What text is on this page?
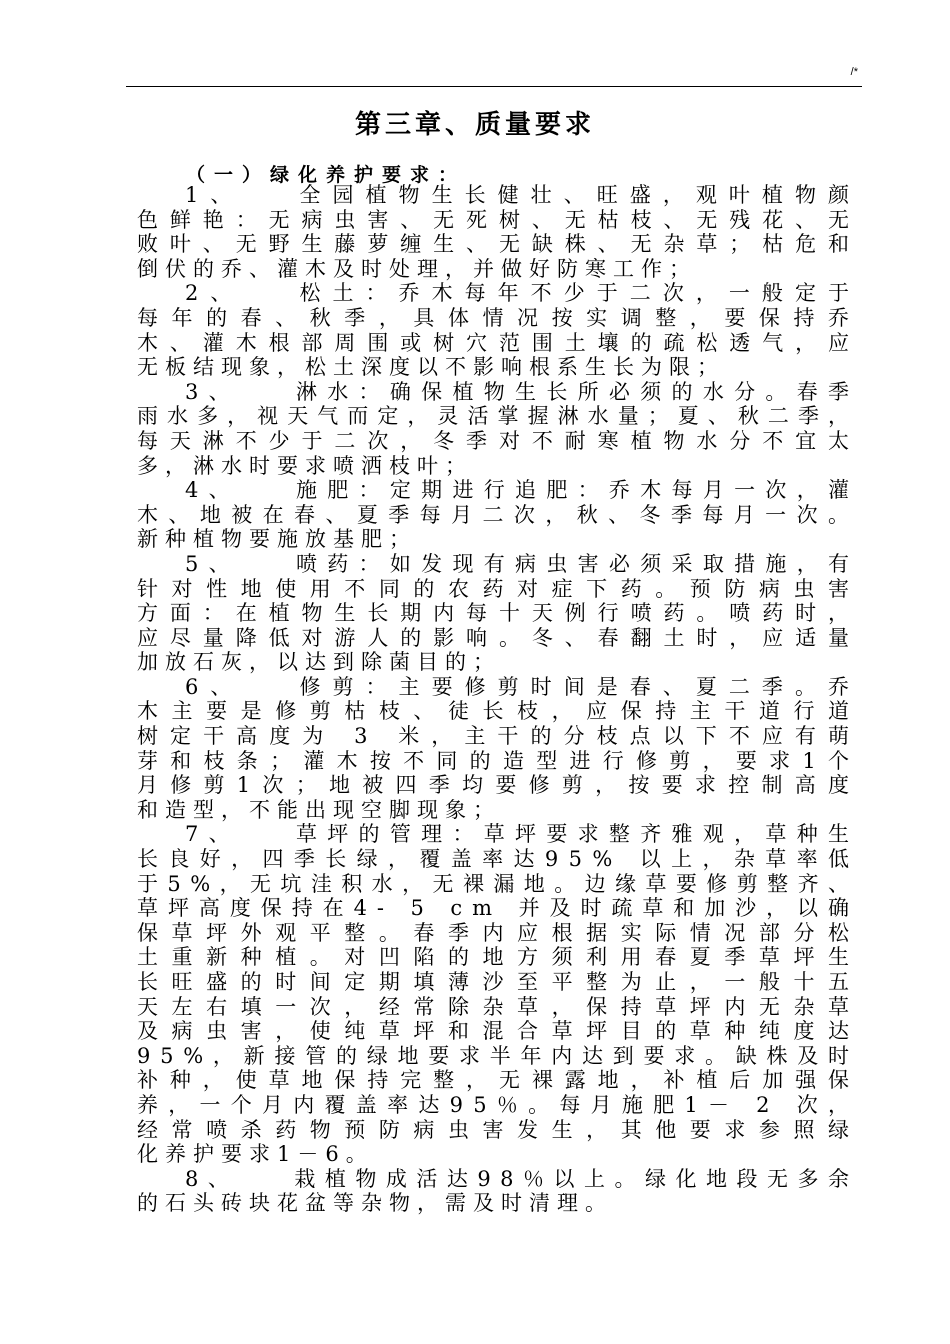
/*
第三章、质量要求
（一）绿化养护要求：
1、	全园植物生长健壮、旺盛，观叶植物颜
色鲜艳：无病虫害、无死树、无枯枝、无残花、无
败叶、无野生藤萝缠生、无缺株、无杂草；枯危和
倒伏的乔、灌木及时处理，并做好防寒工作；
2、	松土：乔木每年不少于二次，一般定于
每年的春、秋季，具体情况按实调整，要保持乔
木、灌木根部周围或树穴范围土壤的疏松透气，应
无板结现象，松土深度以不影响根系生长为限；
3、	淋水：确保植物生长所必须的水分。春季
雨水多，视天气而定，灵活掌握淋水量；夏、秋二季，
每天淋不少于二次，冬季对不耐寒植物水分不宜太
多，淋水时要求喷洒枝叶；
4、	施肥：定期进行追肥：乔木每月一次，灌
木、地被在春、夏季每月二次，秋、冬季每月一次。
新种植物要施放基肥；
5、	喷药：如发现有病虫害必须采取措施，有
针对性地使用不同的农药对症下药。预防病虫害
方面：在植物生长期内每十天例行喷药。喷药时，
应尽量降低对游人的影响。冬、春翻土时，应适量
加放石灰，以达到除菌目的；
6、	修剪：主要修剪时间是春、夏二季。乔
木主要是修剪枯枝、徒长枝，应保持主干道行道
树定干高度为 3 米，主干的分枝点以下不应有萌
芽和枝条；灌木按不同的造型进行修剪，要求1个
月修剪1次；地被四季均要修剪，按要求控制高度
和造型，不能出现空脚现象；
7、	草坪的管理：草坪要求整齐雅观，草种生
长良好，四季长绿，覆盖率达95% 以上，杂草率低
于5%，无坑洼积水，无裸漏地。边缘草要修剪整齐、
草坪高度保持在4- 5 cm 并及时疏草和加沙，以确
保草坪外观平整。春季内应根据实际情况部分松
土重新种植。对凹陷的地方须利用春夏季草坪生
长旺盛的时间定期填薄沙至平整为止，一般十五
天左右填一次，经常除杂草，保持草坪内无杂草
及病虫害，使纯草坪和混合草坪目的草种纯度达
95%，新接管的绿地要求半年内达到要求。缺株及时
补种，使草地保持完整，无裸露地，补植后加强保
养，一个月内覆盖率达95％。每月施肥1－ 2 次，
经常喷杀药物预防病虫害发生，其他要求参照绿
化养护要求1－6。
8、	栽植物成活达98％以上。绿化地段无多余
的石头砖块花盆等杂物，需及时清理。
